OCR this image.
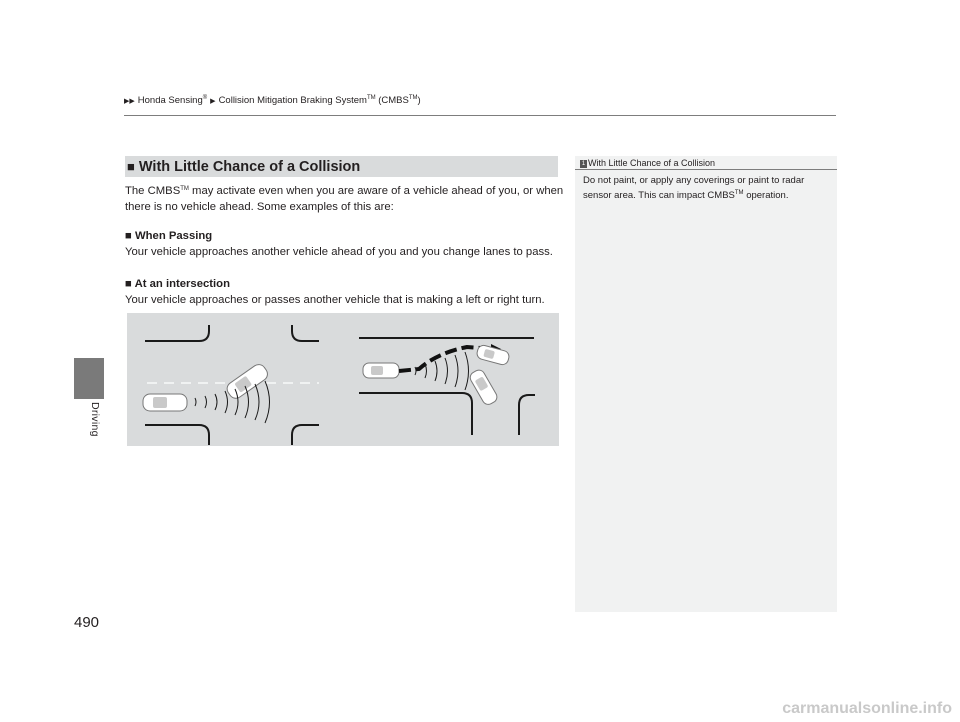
▶▶ Honda Sensing® ▶ Collision Mitigation Braking System™ (CMBS™)
Driving
490
■ With Little Chance of a Collision
The CMBS™ may activate even when you are aware of a vehicle ahead of you, or when there is no vehicle ahead. Some examples of this are:
■ When Passing
Your vehicle approaches another vehicle ahead of you and you change lanes to pass.
■ At an intersection
Your vehicle approaches or passes another vehicle that is making a left or right turn.
1 With Little Chance of a Collision
Do not paint, or apply any coverings or paint to radar sensor area. This can impact CMBS™ operation.
carmanualsonline.info
